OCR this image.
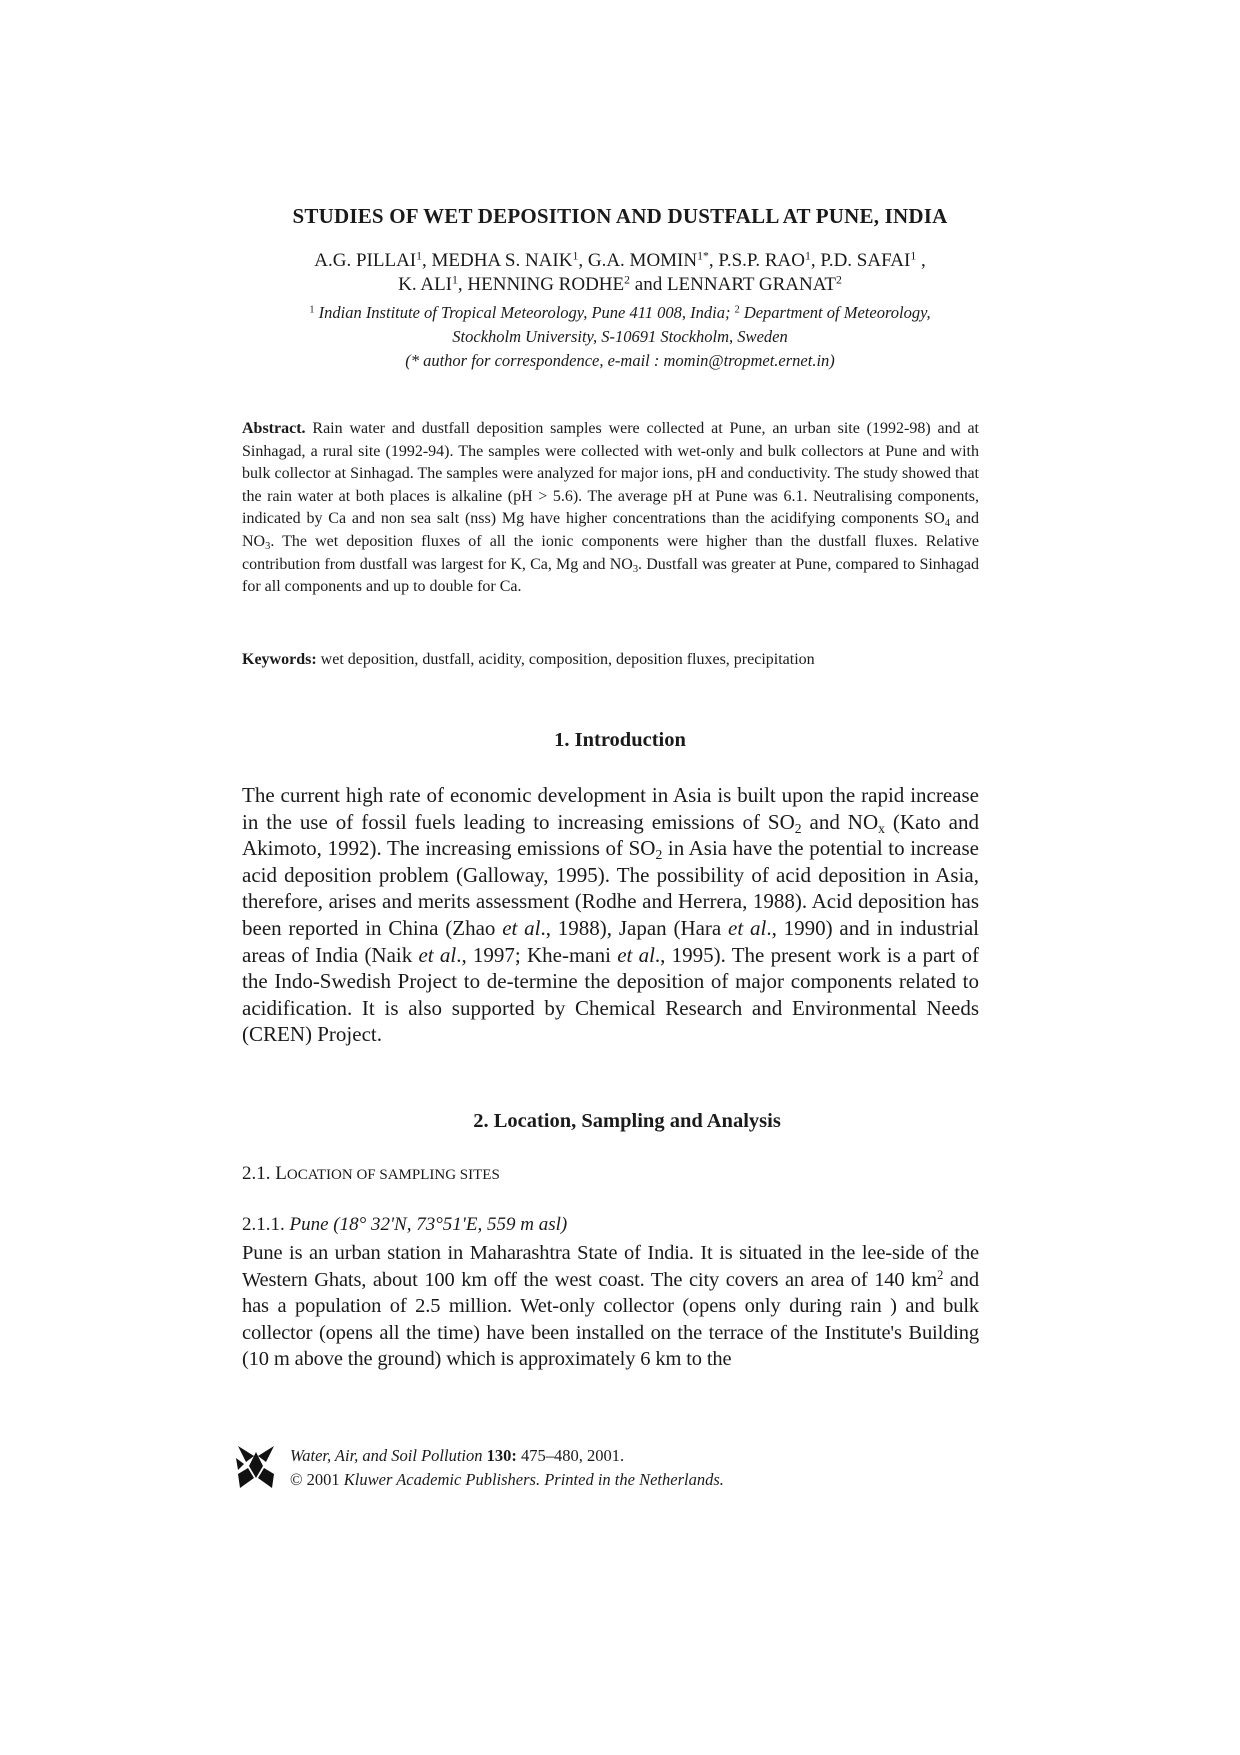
STUDIES OF WET DEPOSITION AND DUSTFALL AT PUNE, INDIA
A.G. PILLAI$^1$, MEDHA S. NAIK$^1$, G.A. $MOMIN^{1*}$, P.S.P. RAO$^1$, P.D. SAFAI$^1$ ,
K. ALI$^1$, HENNING RODHE$^2$ and LENNART GRANAT$^2$
$^1$ Indian Institute of Tropical Meteorology, Pune 411 008, India; $^2$ Department of Meteorology,
Stockholm University, S-10691 Stockholm, Sweden
(* author for correspondence, e-mail : momin@tropmet.ernet.in)
Abstract. Rain water and dustfall deposition samples were collected at Pune, an urban site (1992-98) and at Sinhagad, a rural site (1992-94). The samples were collected with wet-only and bulk collectors at Pune and with bulk collector at Sinhagad. The samples were analyzed for major ions, pH and conductivity. The study showed that the rain water at both places is alkaline (pH > 5.6). The average pH at Pune was 6.1. Neutralising components, indicated by Ca and non sea salt (nss) Mg have higher concentrations than the acidifying components $SO_4$ and $NO_3$. The wet deposition fluxes of all the ionic components were higher than the dustfall fluxes. Relative contribution from dustfall was largest for K, Ca, Mg and $NO_3$. Dustfall was greater at Pune, compared to Sinhagad for all components and up to double for Ca.
Keywords: wet deposition, dustfall, acidity, composition, deposition fluxes, precipitation
1. Introduction
The current high rate of economic development in Asia is built upon the rapid increase in the use of fossil fuels leading to increasing emissions of $SO_2$ and $NO_x$ (Kato and Akimoto, 1992). The increasing emissions of $SO_2$ in Asia have the potential to increase acid deposition problem (Galloway, 1995). The possibility of acid deposition in Asia, therefore, arises and merits assessment (Rodhe and Herrera, 1988). Acid deposition has been reported in China (Zhao et al., 1988), Japan (Hara et al., 1990) and in industrial areas of India (Naik et al., 1997; Khe-mani et al., 1995). The present work is a part of the Indo-Swedish Project to de-termine the deposition of major components related to acidification. It is also supported by Chemical Research and Environmental Needs (CREN) Project.
2. Location, Sampling and Analysis
2.1. LOCATION OF SAMPLING SITES
2.1.1. Pune (18° 32'N, 73°51'E, 559 m asl)
Pune is an urban station in Maharashtra State of India. It is situated in the lee-side of the Western Ghats, about 100 km off the west coast. The city covers an area of 140 $km^2$ and has a population of 2.5 million. Wet-only collector (opens only during rain ) and bulk collector (opens all the time) have been installed on the terrace of the Institute's Building (10 m above the ground) which is approximately 6 km to the
Water, Air, and Soil Pollution 130: 475–480, 2001.
© 2001 Kluwer Academic Publishers. Printed in the Netherlands.
